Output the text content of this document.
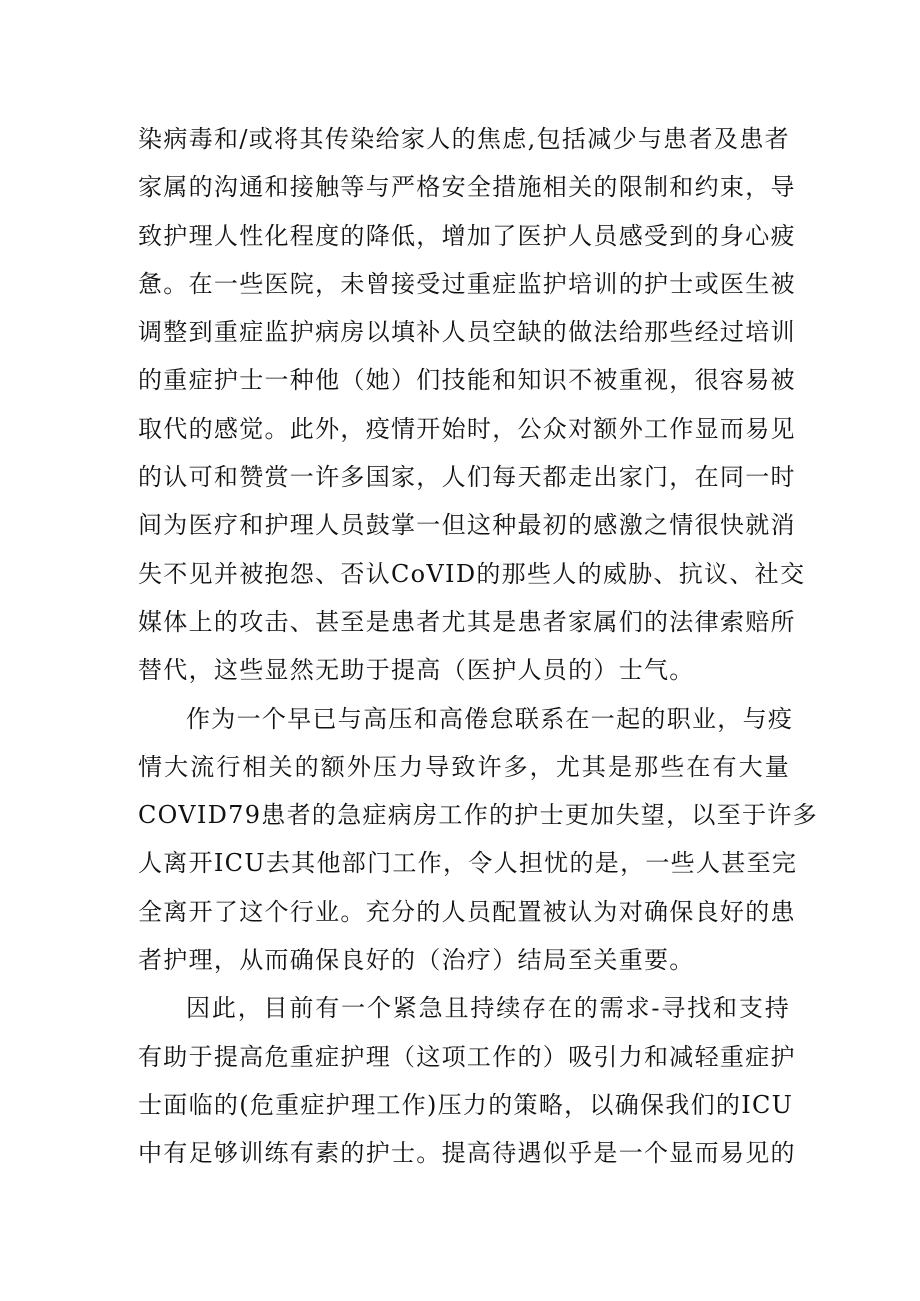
染病毒和/或将其传染给家人的焦虑,包括减少与患者及患者
家属的沟通和接触等与严格安全措施相关的限制和约束，导
致护理人性化程度的降低，增加了医护人员感受到的身心疲
惫。在一些医院，未曾接受过重症监护培训的护士或医生被
调整到重症监护病房以填补人员空缺的做法给那些经过培训
的重症护士一种他（她）们技能和知识不被重视，很容易被
取代的感觉。此外，疫情开始时，公众对额外工作显而易见
的认可和赞赏一许多国家，人们每天都走出家门，在同一时
间为医疗和护理人员鼓掌一但这种最初的感激之情很快就消
失不见并被抱怨、否认CoVID的那些人的威胁、抗议、社交
媒体上的攻击、甚至是患者尤其是患者家属们的法律索赔所
替代，这些显然无助于提高（医护人员的）士气。
作为一个早已与高压和高倦怠联系在一起的职业，与疫
情大流行相关的额外压力导致许多，尤其是那些在有大量
COVID79患者的急症病房工作的护士更加失望，以至于许多
人离开ICU去其他部门工作，令人担忧的是，一些人甚至完
全离开了这个行业。充分的人员配置被认为对确保良好的患
者护理，从而确保良好的（治疗）结局至关重要。
因此，目前有一个紧急且持续存在的需求-寻找和支持
有助于提高危重症护理（这项工作的）吸引力和减轻重症护
士面临的(危重症护理工作)压力的策略，以确保我们的ICU
中有足够训练有素的护士。提高待遇似乎是一个显而易见的
